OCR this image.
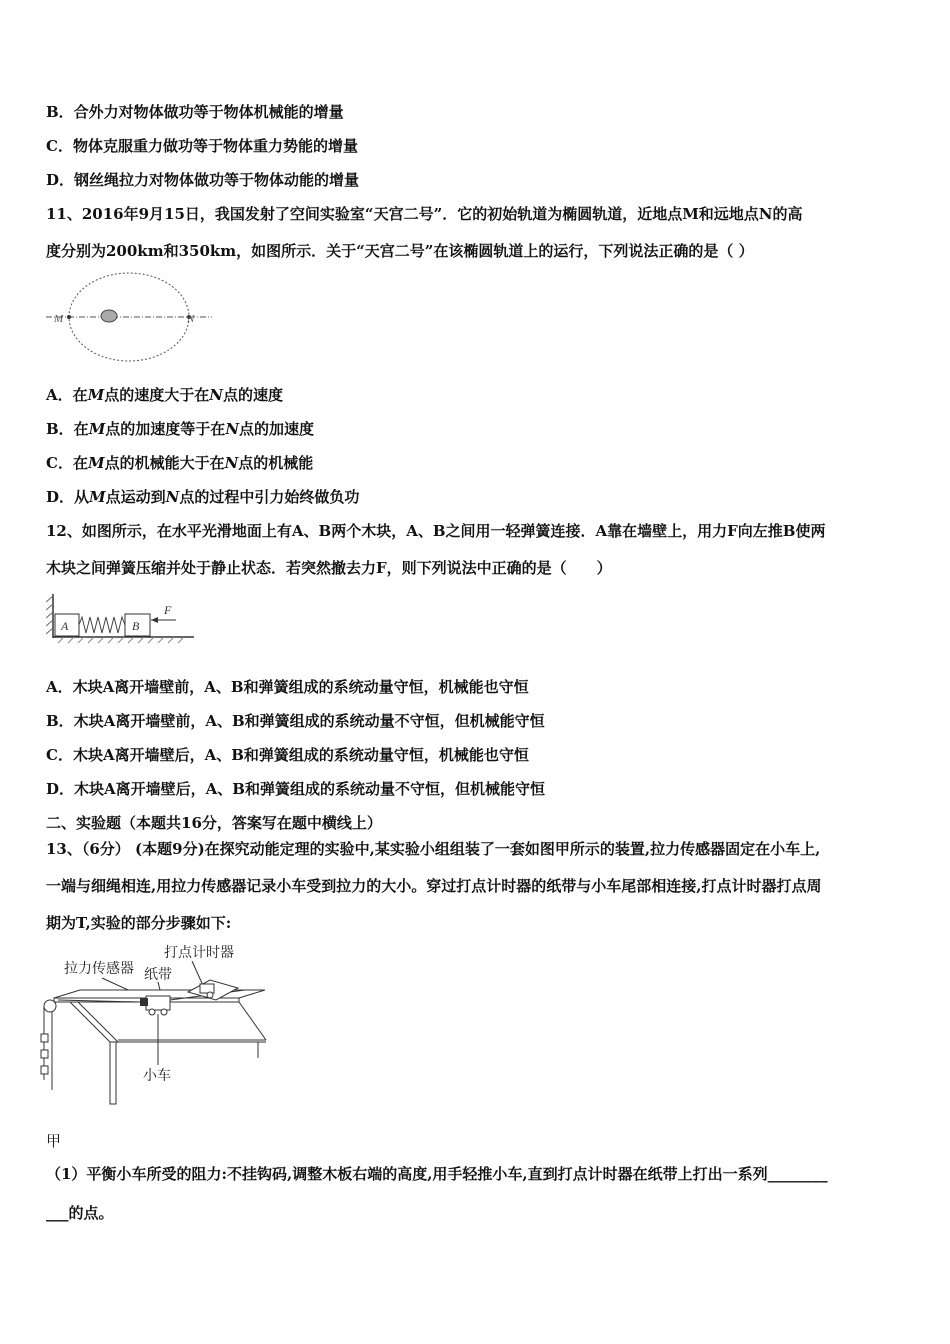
B．合外力对物体做功等于物体机械能的增量
C．物体克服重力做功等于物体重力势能的增量
D．钢丝绳拉力对物体做功等于物体动能的增量
11、2016年9月15日，我国发射了空间实验室“天宫二号”．它的初始轨道为椭圆轨道，近地点M和远地点N的高
度分别为200km和350km，如图所示．关于“天宫二号”在该椭圆轨道上的运行，下列说法正确的是（ ）
M	N
A．在M点的速度大于在N点的速度
B．在M点的加速度等于在N点的加速度
C．在M点的机械能大于在N点的机械能
D．从M点运动到N点的过程中引力始终做负功
12、如图所示，在水平光滑地面上有A、B两个木块，A、B之间用一轻弹簧连接．A靠在墙壁上，用力F向左推B使两
木块之间弹簧压缩并处于静止状态．若突然撤去力F，则下列说法中正确的是（　　）
A	B
F
A．木块A离开墙壁前，A、B和弹簧组成的系统动量守恒，机械能也守恒
B．木块A离开墙壁前，A、B和弹簧组成的系统动量不守恒，但机械能守恒
C．木块A离开墙壁后，A、B和弹簧组成的系统动量守恒，机械能也守恒
D．木块A离开墙壁后，A、B和弹簧组成的系统动量不守恒，但机械能守恒
二、实验题（本题共16分，答案写在题中横线上）
13、（6分） (本题9分)在探究动能定理的实验中,某实验小组组装了一套如图甲所示的装置,拉力传感器固定在小车上,
一端与细绳相连,用拉力传感器记录小车受到拉力的大小。穿过打点计时器的纸带与小车尾部相连接,打点计时器打点周
期为T,实验的部分步骤如下:
打点计时器
拉力传感器 纸带
小车
甲
（1）平衡小车所受的阻力:不挂钩码,调整木板右端的高度,用手轻推小车,直到打点计时器在纸带上打出一系列________
___的点。
